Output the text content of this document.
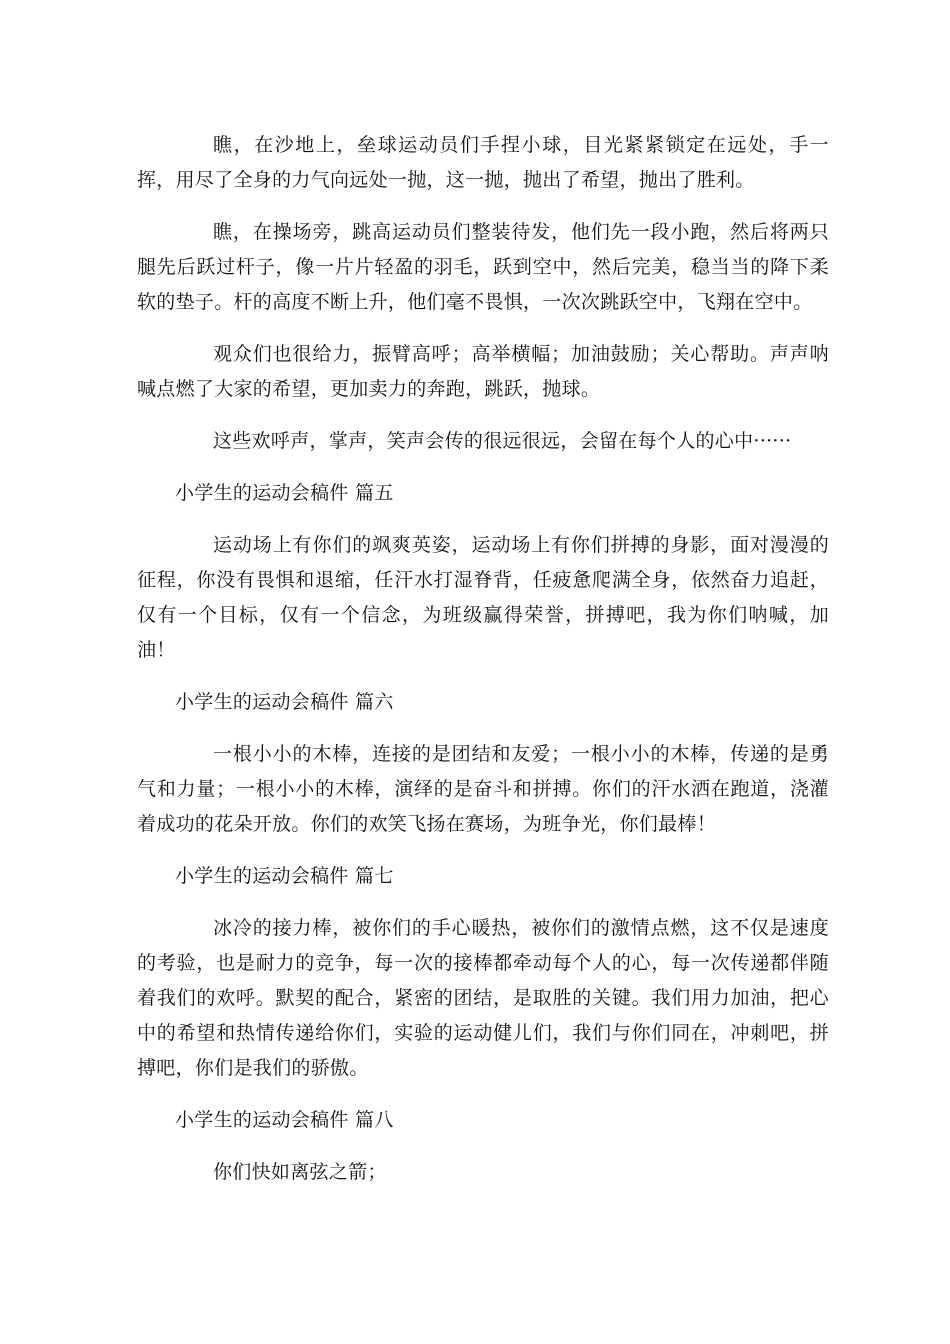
瞧，在沙地上，垒球运动员们手捏小球，目光紧紧锁定在远处，手一挥，用尽了全身的力气向远处一抛，这一抛，抛出了希望，抛出了胜利。

瞧，在操场旁，跳高运动员们整装待发，他们先一段小跑，然后将两只腿先后跃过杆子，像一片片轻盈的羽毛，跃到空中，然后完美，稳当当的降下柔软的垫子。杆的高度不断上升，他们毫不畏惧，一次次跳跃空中，飞翔在空中。

观众们也很给力，振臂高呼；高举横幅；加油鼓励；关心帮助。声声呐喊点燃了大家的希望，更加卖力的奔跑，跳跃，抛球。

这些欢呼声，掌声，笑声会传的很远很远，会留在每个人的心中······

小学生的运动会稿件 篇五

运动场上有你们的飒爽英姿，运动场上有你们拼搏的身影，面对漫漫的征程，你没有畏惧和退缩，任汗水打湿脊背，任疲惫爬满全身，依然奋力追赶，仅有一个目标，仅有一个信念，为班级赢得荣誉，拼搏吧，我为你们呐喊，加油！

小学生的运动会稿件 篇六

一根小小的木棒，连接的是团结和友爱；一根小小的木棒，传递的是勇气和力量；一根小小的木棒，演绎的是奋斗和拼搏。你们的汗水洒在跑道，浇灌着成功的花朵开放。你们的欢笑飞扬在赛场，为班争光，你们最棒！

小学生的运动会稿件 篇七

冰冷的接力棒，被你们的手心暖热，被你们的激情点燃，这不仅是速度的考验，也是耐力的竞争，每一次的接棒都牵动每个人的心，每一次传递都伴随着我们的欢呼。默契的配合，紧密的团结，是取胜的关键。我们用力加油，把心中的希望和热情传递给你们，实验的运动健儿们，我们与你们同在，冲刺吧，拼搏吧，你们是我们的骄傲。

小学生的运动会稿件 篇八

你们快如离弦之箭；
